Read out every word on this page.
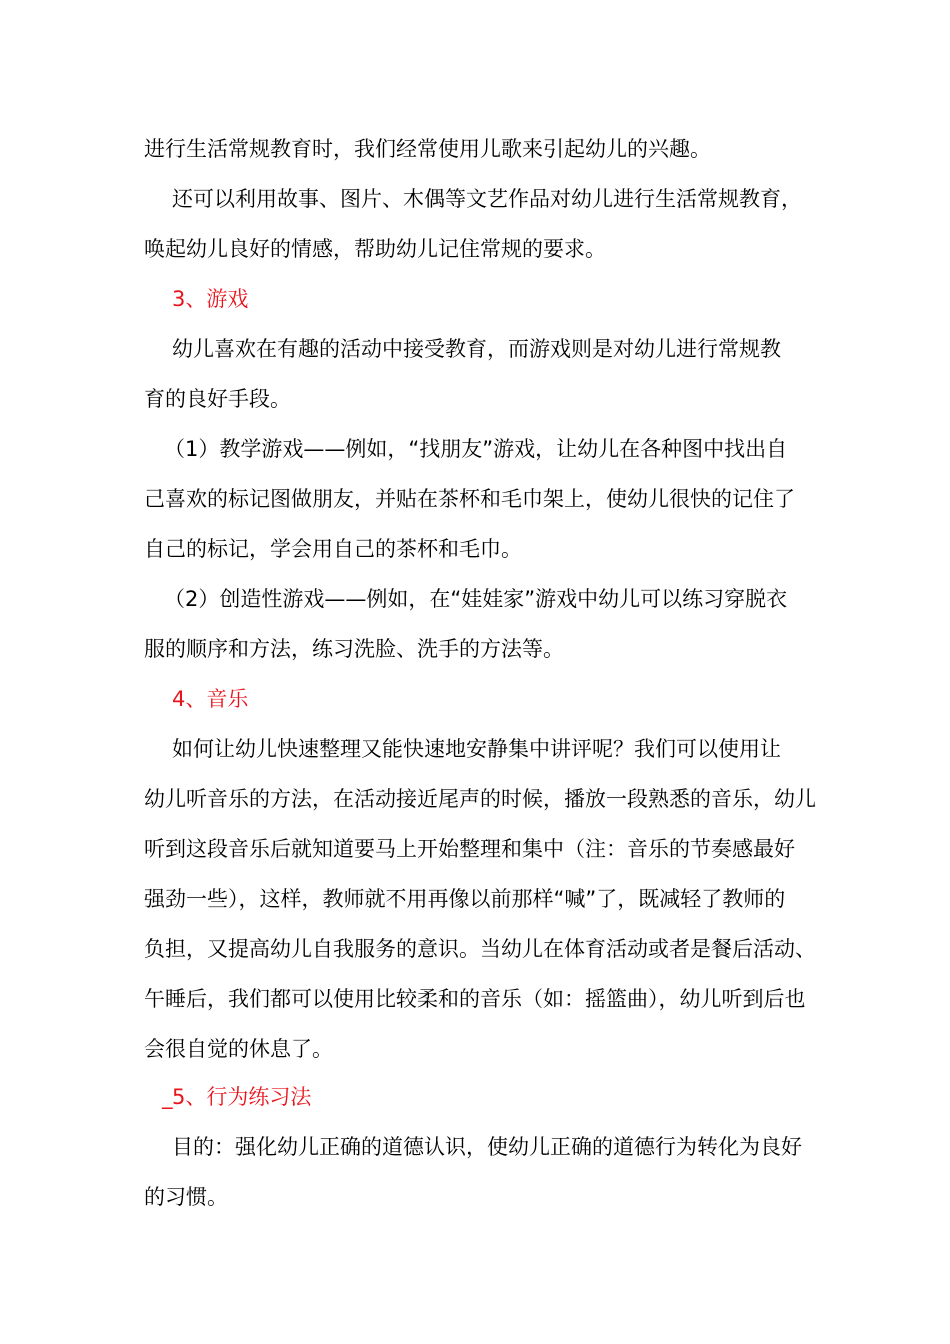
进行生活常规教育时，我们经常使用儿歌来引起幼儿的兴趣。

还可以利用故事、图片、木偶等文艺作品对幼儿进行生活常规教育，

唤起幼儿良好的情感，帮助幼儿记住常规的要求。

3、游戏

幼儿喜欢在有趣的活动中接受教育，而游戏则是对幼儿进行常规教

育的良好手段。

（1）教学游戏——例如，“找朋友”游戏，让幼儿在各种图中找出自

己喜欢的标记图做朋友，并贴在茶杯和毛巾架上，使幼儿很快的记住了

自己的标记，学会用自己的茶杯和毛巾。

（2）创造性游戏——例如，在“娃娃家”游戏中幼儿可以练习穿脱衣

服的顺序和方法，练习洗脸、洗手的方法等。

4、音乐

如何让幼儿快速整理又能快速地安静集中讲评呢？我们可以使用让

幼儿听音乐的方法，在活动接近尾声的时候，播放一段熟悉的音乐，幼儿

听到这段音乐后就知道要马上开始整理和集中（注：音乐的节奏感最好

强劲一些），这样，教师就不用再像以前那样“喊”了，既减轻了教师的

负担，又提高幼儿自我服务的意识。当幼儿在体育活动或者是餐后活动、

午睡后，我们都可以使用比较柔和的音乐（如：摇篮曲），幼儿听到后也

会很自觉的休息了。

_ 5、行为练习法

目的：强化幼儿正确的道德认识，使幼儿正确的道德行为转化为良好

的习惯。
